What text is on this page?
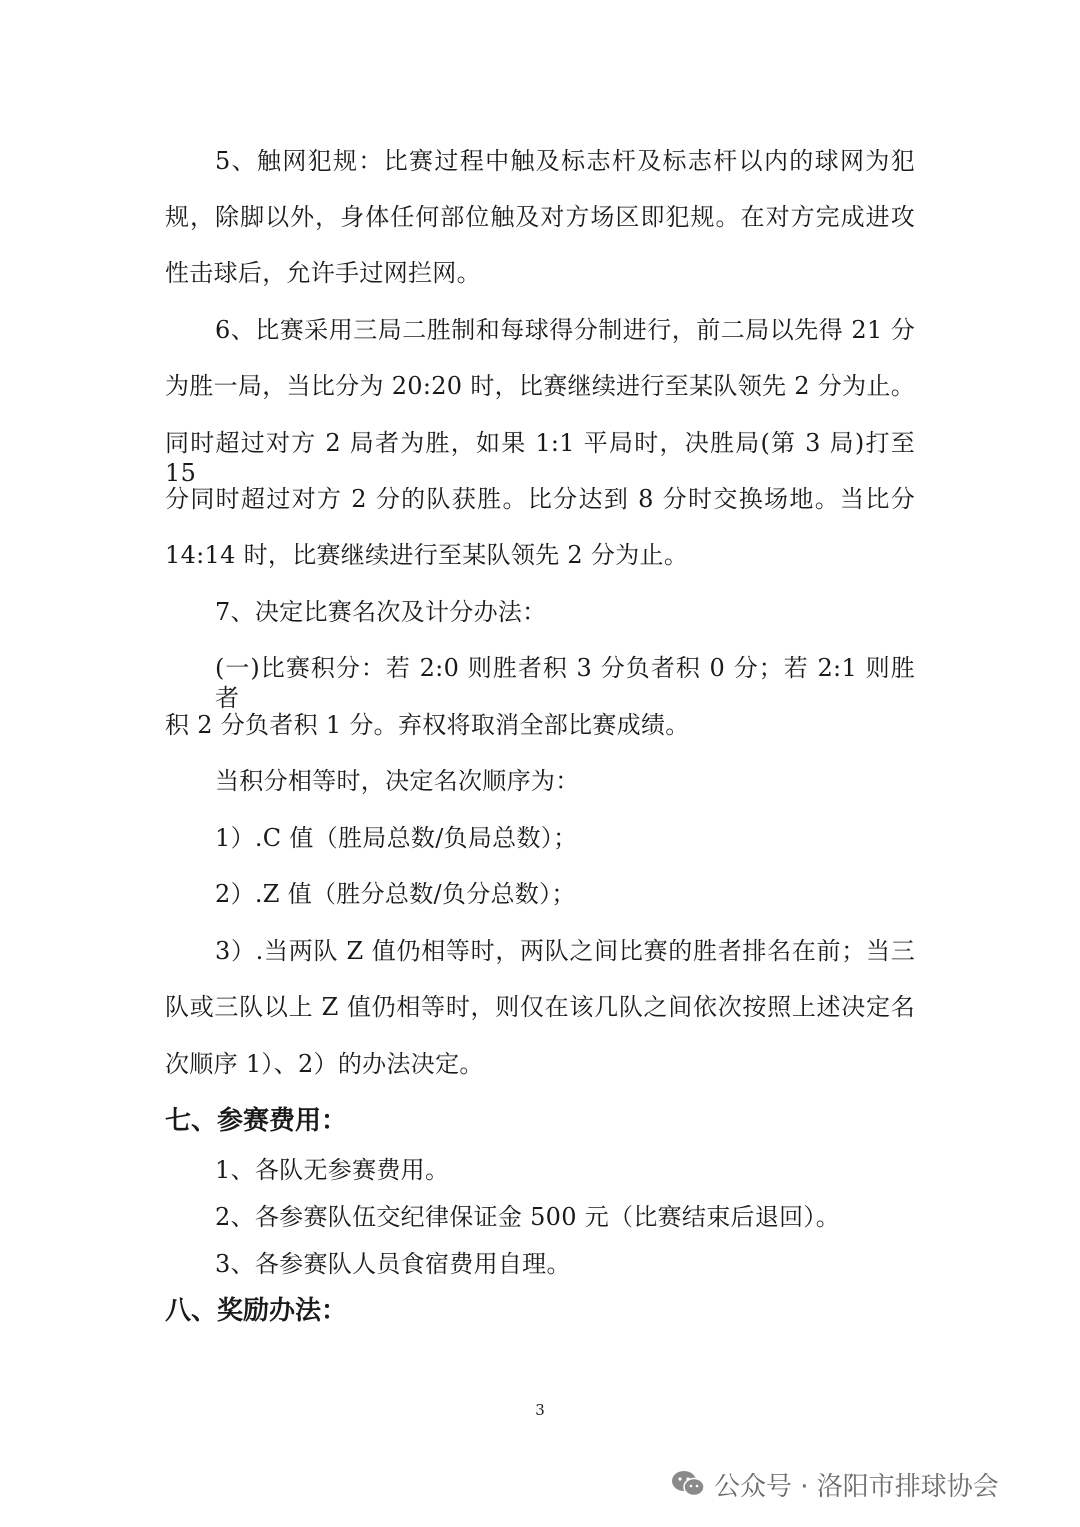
5、触网犯规：比赛过程中触及标志杆及标志杆以内的球网为犯
规，除脚以外，身体任何部位触及对方场区即犯规。在对方完成进攻
性击球后，允许手过网拦网。
6、比赛采用三局二胜制和每球得分制进行，前二局以先得 21 分
为胜一局，当比分为 20:20 时，比赛继续进行至某队领先 2 分为止。
同时超过对方 2 局者为胜，如果 1:1 平局时，决胜局(第 3 局)打至 15
分同时超过对方 2 分的队获胜。比分达到 8 分时交换场地。当比分
14:14 时，比赛继续进行至某队领先 2 分为止。
7、决定比赛名次及计分办法：
(一)比赛积分：若 2:0 则胜者积 3 分负者积 0 分；若 2:1 则胜者
积 2 分负者积 1 分。弃权将取消全部比赛成绩。
当积分相等时，决定名次顺序为：
1）.C 值（胜局总数/负局总数）；
2）.Z 值（胜分总数/负分总数）；
3）.当两队 Z 值仍相等时，两队之间比赛的胜者排名在前；当三
队或三队以上 Z 值仍相等时，则仅在该几队之间依次按照上述决定名
次顺序 1）、2）的办法决定。
七、参赛费用：
1、各队无参赛费用。
2、各参赛队伍交纪律保证金 500 元（比赛结束后退回）。
3、各参赛队人员食宿费用自理。
八、奖励办法：
3
公众号 · 洛阳市排球协会
